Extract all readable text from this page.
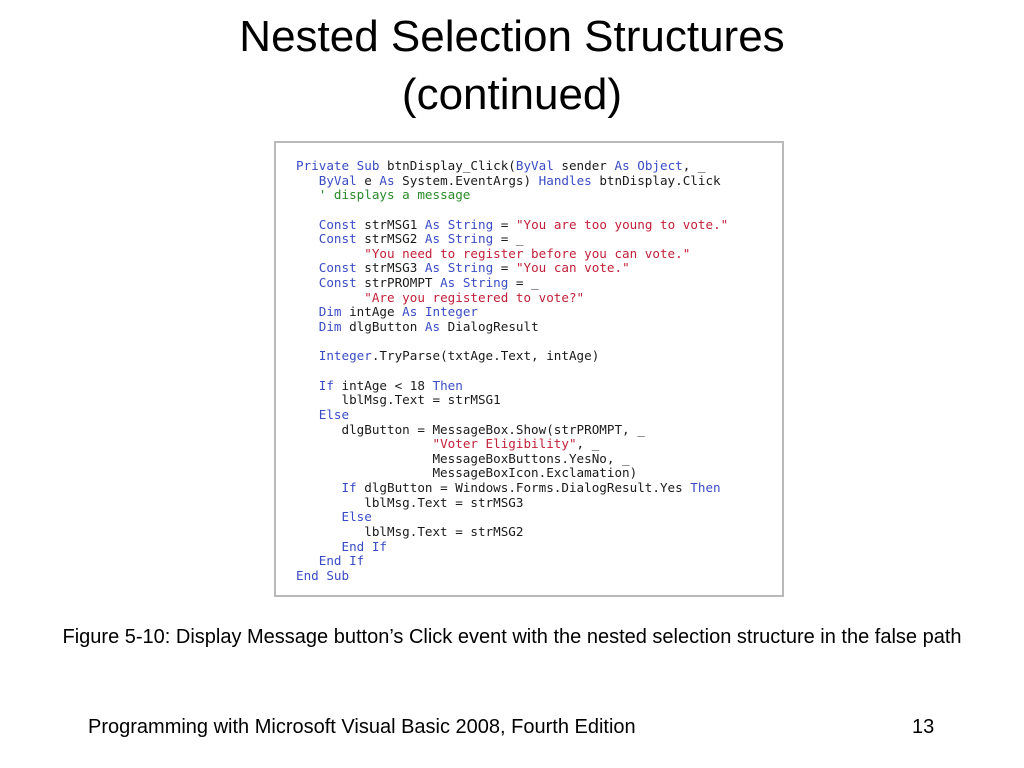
Nested Selection Structures
(continued)
Private Sub btnDisplay_Click(ByVal sender As Object, _
ByVal e As System.EventArgs) Handles btnDisplay.Click
' displays a message
Const strMSG1 As String = "You are too young to vote."
Const strMSG2 As String = _
"You need to register before you can vote."
Const strMSG3 As String = "You can vote."
Const strPROMPT As String = _
"Are you registered to vote?"
Dim intAge As Integer
Dim dlgButton As DialogResult
Integer.TryParse(txtAge.Text, intAge)
If intAge < 18 Then
lblMsg.Text = strMSG1
Else
dlgButton = MessageBox.Show(strPROMPT, _
"Voter Eligibility", _
MessageBoxButtons.YesNo, _
MessageBoxIcon.Exclamation)
If dlgButton = Windows.Forms.DialogResult.Yes Then
lblMsg.Text = strMSG3
Else
lblMsg.Text = strMSG2
End If
End If
End Sub
Figure 5-10: Display Message button’s Click event with the nested selection structure in the false path
Programming with Microsoft Visual Basic 2008, Fourth Edition	13
